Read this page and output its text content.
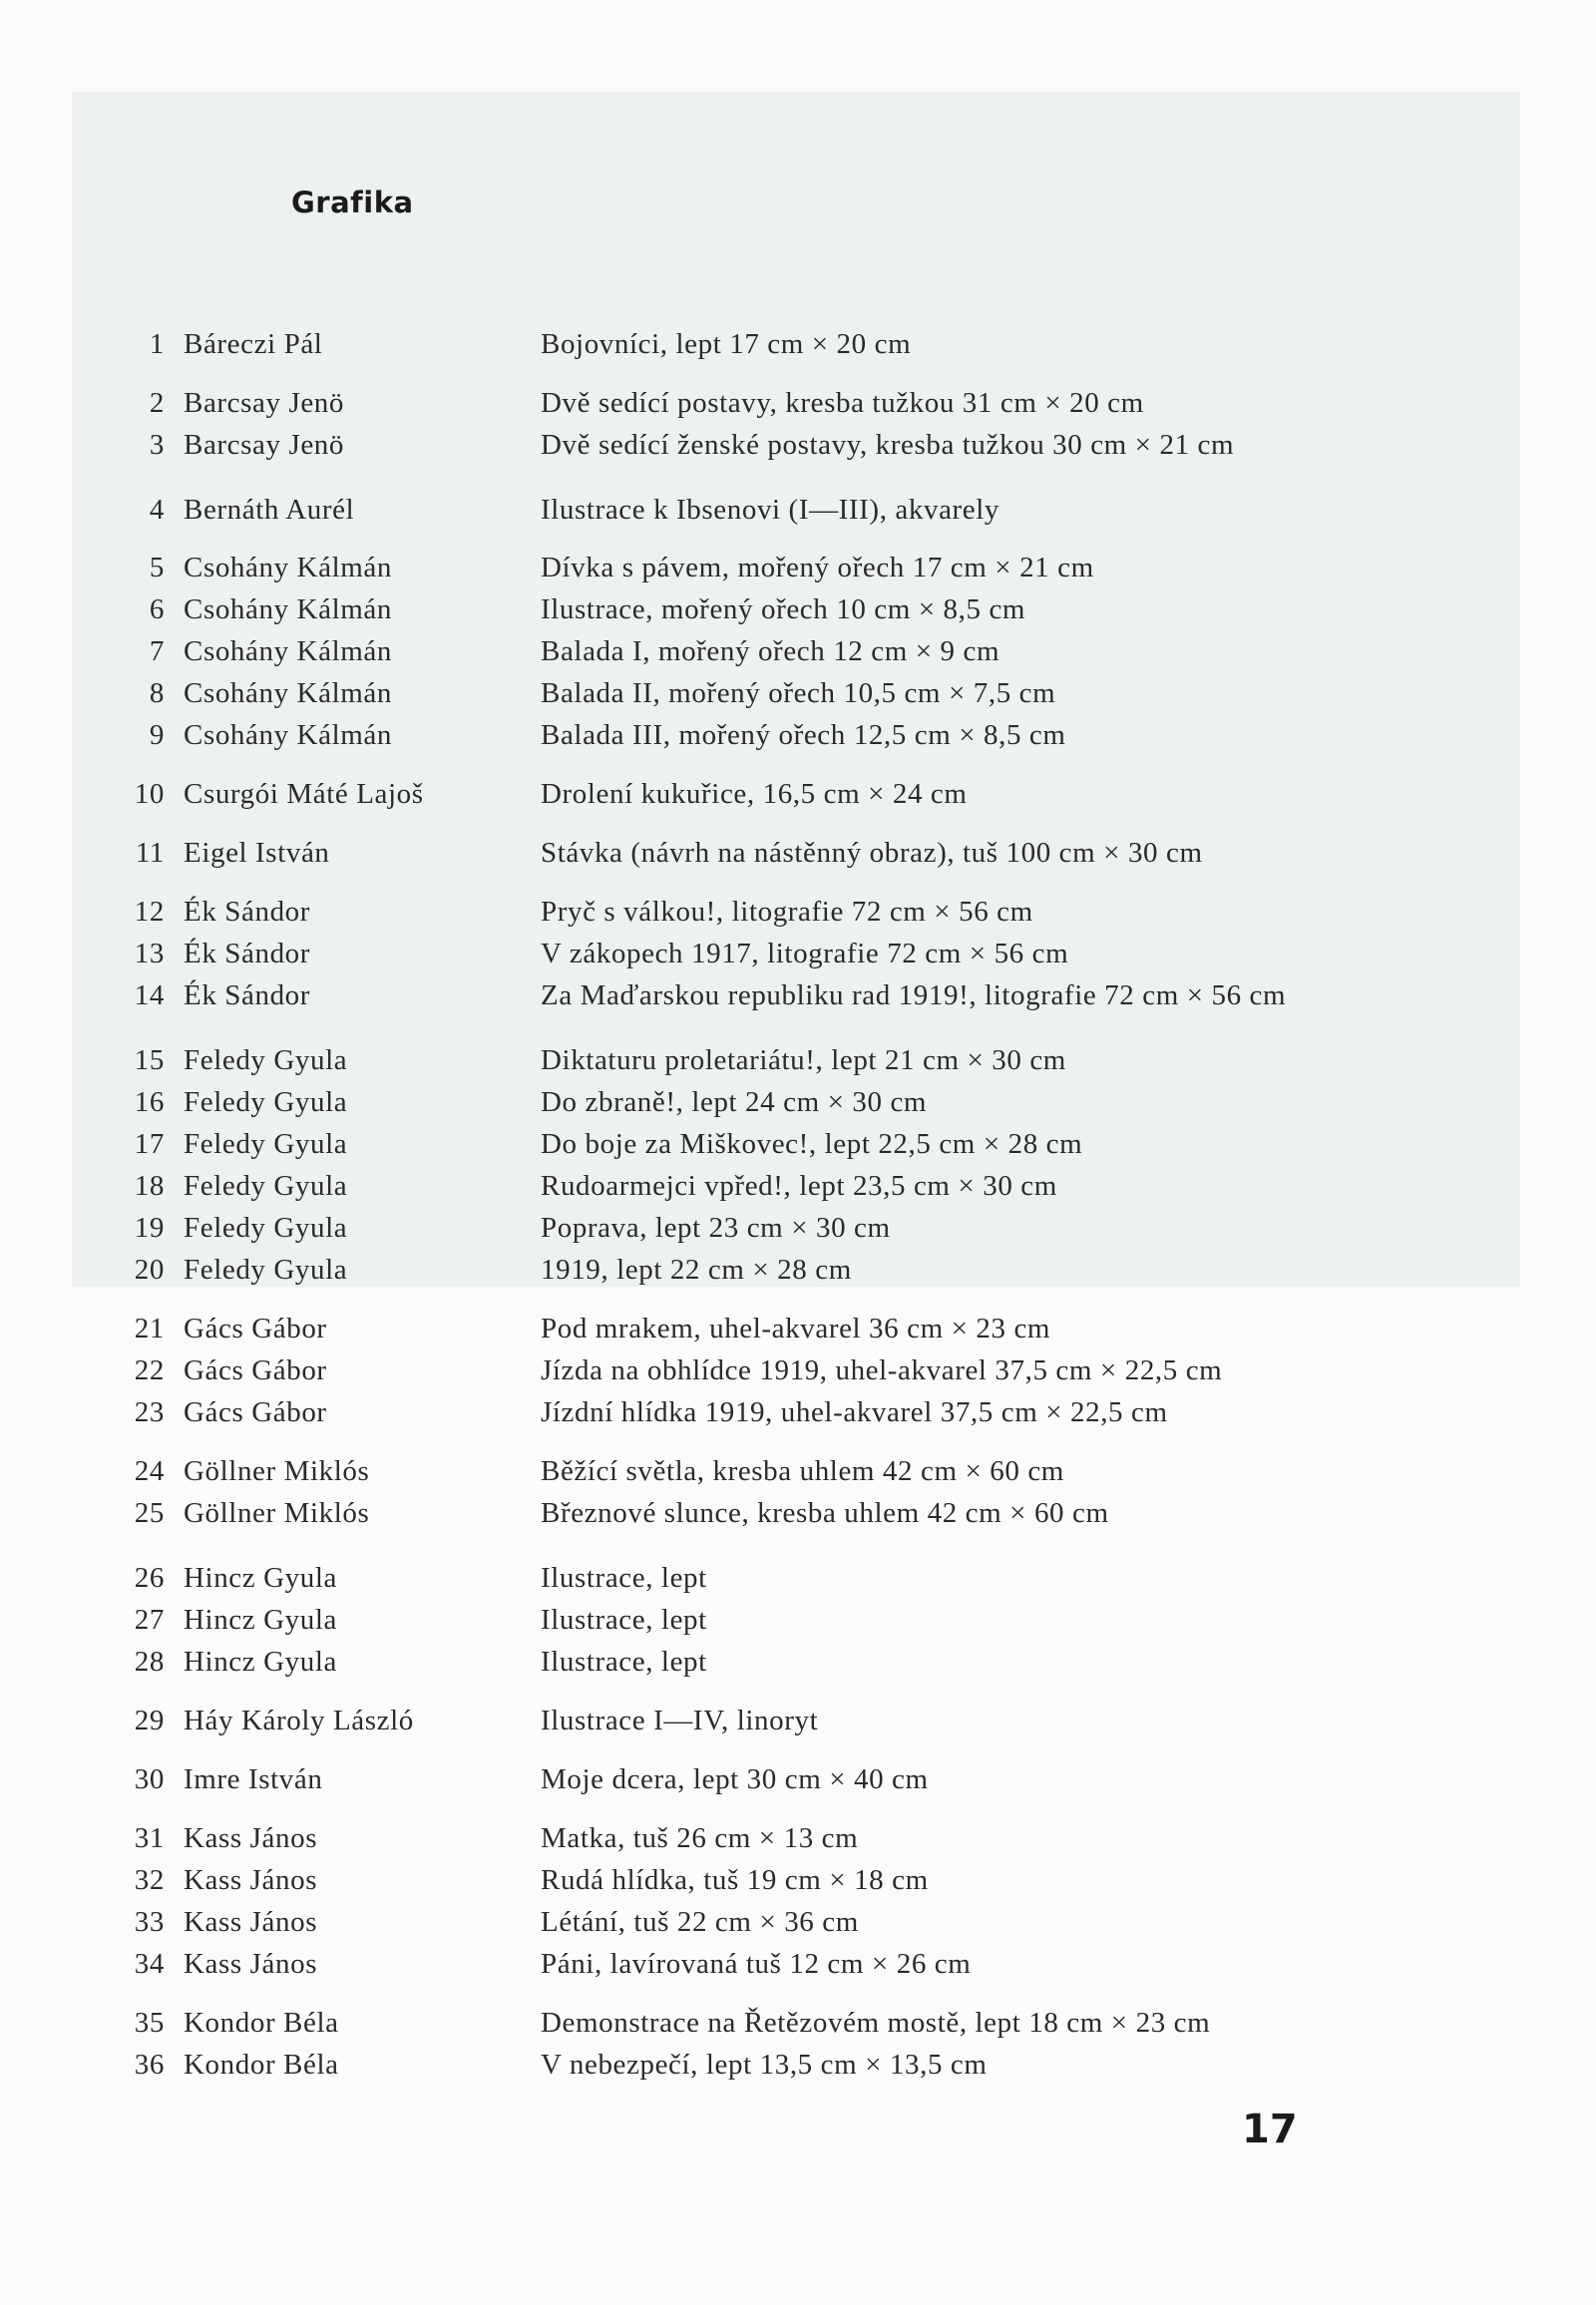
Grafika
1 Báreczi Pál	Bojovníci, lept 17 cm × 20 cm
2 Barcsay Jenö	Dvě sedící postavy, kresba tužkou 31 cm × 20 cm
3 Barcsay Jenö	Dvě sedící ženské postavy, kresba tužkou 30 cm × 21 cm
4 Bernáth Aurél	Ilustrace k Ibsenovi (I—III), akvarely
5 Csohány Kálmán	Dívka s pávem, mořený ořech 17 cm × 21 cm
6 Csohány Kálmán	Ilustrace, mořený ořech 10 cm × 8,5 cm
7 Csohány Kálmán	Balada I, mořený ořech 12 cm × 9 cm
8 Csohány Kálmán	Balada II, mořený ořech 10,5 cm × 7,5 cm
9 Csohány Kálmán	Balada III, mořený ořech 12,5 cm × 8,5 cm
10 Csurgói Máté Lajoš	Drolení kukuřice, 16,5 cm × 24 cm
11 Eigel István	Stávka (návrh na nástěnný obraz), tuš 100 cm × 30 cm
12 Ék Sándor	Pryč s válkou!, litografie 72 cm × 56 cm
13 Ék Sándor	V zákopech 1917, litografie 72 cm × 56 cm
14 Ék Sándor	Za Maďarskou republiku rad 1919!, litografie 72 cm × 56 cm
15 Feledy Gyula	Diktaturu proletariátu!, lept 21 cm × 30 cm
16 Feledy Gyula	Do zbraně!, lept 24 cm × 30 cm
17 Feledy Gyula	Do boje za Miškovec!, lept 22,5 cm × 28 cm
18 Feledy Gyula	Rudoarmejci vpřed!, lept 23,5 cm × 30 cm
19 Feledy Gyula	Poprava, lept 23 cm × 30 cm
20 Feledy Gyula	1919, lept 22 cm × 28 cm
21 Gács Gábor	Pod mrakem, uhel-akvarel 36 cm × 23 cm
22 Gács Gábor	Jízda na obhlídce 1919, uhel-akvarel 37,5 cm × 22,5 cm
23 Gács Gábor	Jízdní hlídka 1919, uhel-akvarel 37,5 cm × 22,5 cm
24 Göllner Miklós	Běžící světla, kresba uhlem 42 cm × 60 cm
25 Göllner Miklós	Březnové slunce, kresba uhlem 42 cm × 60 cm
26 Hincz Gyula	Ilustrace, lept
27 Hincz Gyula	Ilustrace, lept
28 Hincz Gyula	Ilustrace, lept
29 Háy Károly László	Ilustrace I—IV, linoryt
30 Imre István	Moje dcera, lept 30 cm × 40 cm
31 Kass János	Matka, tuš 26 cm × 13 cm
32 Kass János	Rudá hlídka, tuš 19 cm × 18 cm
33 Kass János	Létání, tuš 22 cm × 36 cm
34 Kass János	Páni, lavírovaná tuš 12 cm × 26 cm
35 Kondor Béla	Demonstrace na Řetězovém mostě, lept 18 cm × 23 cm
36 Kondor Béla	V nebezpečí, lept 13,5 cm × 13,5 cm
17
